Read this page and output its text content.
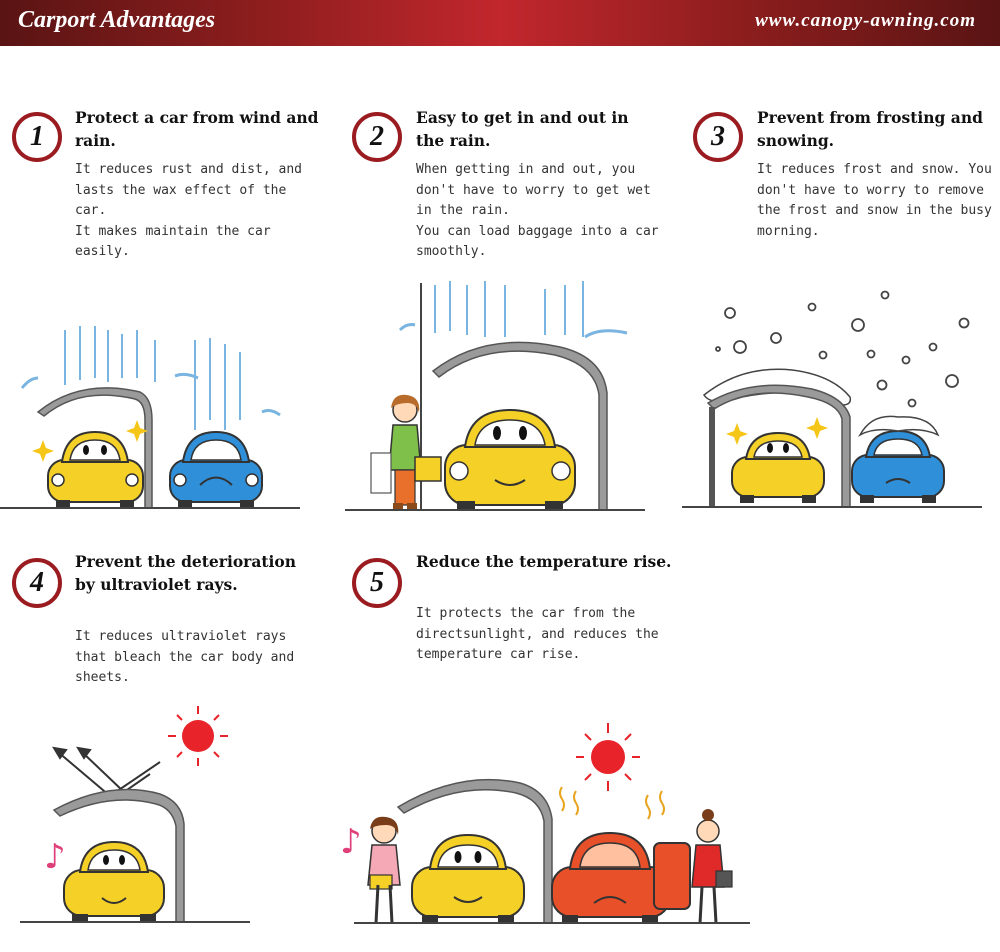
Carport Advantages	www.canopy-awning.com
1
Protect a car from wind and rain.
It reduces rust and dist, and lasts the wax effect of the car.
It makes maintain the car easily.
2
Easy to get in and out in the rain.
When getting in and out, you don't have to worry to get wet in the rain.
You can load baggage into a car smoothly.
3
Prevent from frosting and snowing.
It reduces frost and snow. You don't have to worry to remove the frost and snow in the busy morning.
4
Prevent the deterioration by ultraviolet rays.
It reduces ultraviolet rays that bleach the car body and sheets.
♪
5
Reduce the temperature rise.
It protects the car from the directsunlight, and reduces the temperature car rise.
♪
